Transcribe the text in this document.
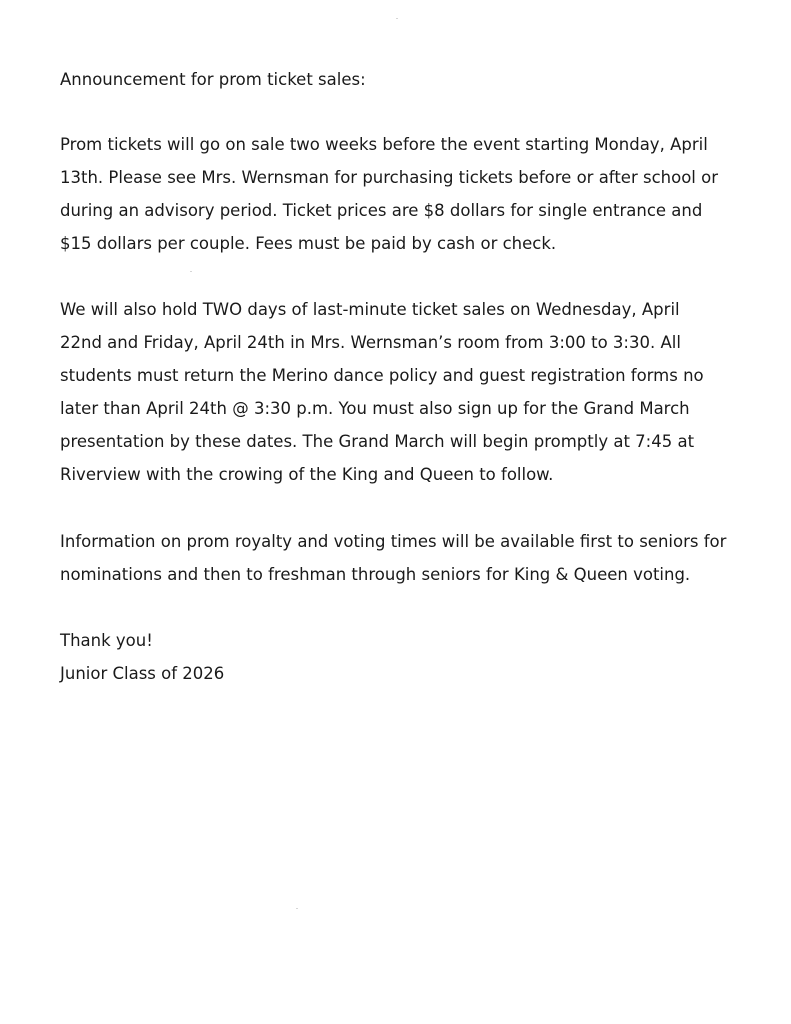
Announcement for prom ticket sales:

Prom tickets will go on sale two weeks before the event starting Monday, April

13th. Please see Mrs. Wernsman for purchasing tickets before or after school or

during an advisory period. Ticket prices are $8 dollars for single entrance and

$15 dollars per couple. Fees must be paid by cash or check.

We will also hold TWO days of last-minute ticket sales on Wednesday, April

22nd and Friday, April 24th in Mrs. Wernsman’s room from 3:00 to 3:30. All

students must return the Merino dance policy and guest registration forms no

later than April 24th @ 3:30 p.m. You must also sign up for the Grand March

presentation by these dates. The Grand March will begin promptly at 7:45 at

Riverview with the crowing of the King and Queen to follow.

Information on prom royalty and voting times will be available first to seniors for

nominations and then to freshman through seniors for King & Queen voting.

Thank you!

Junior Class of 2026
